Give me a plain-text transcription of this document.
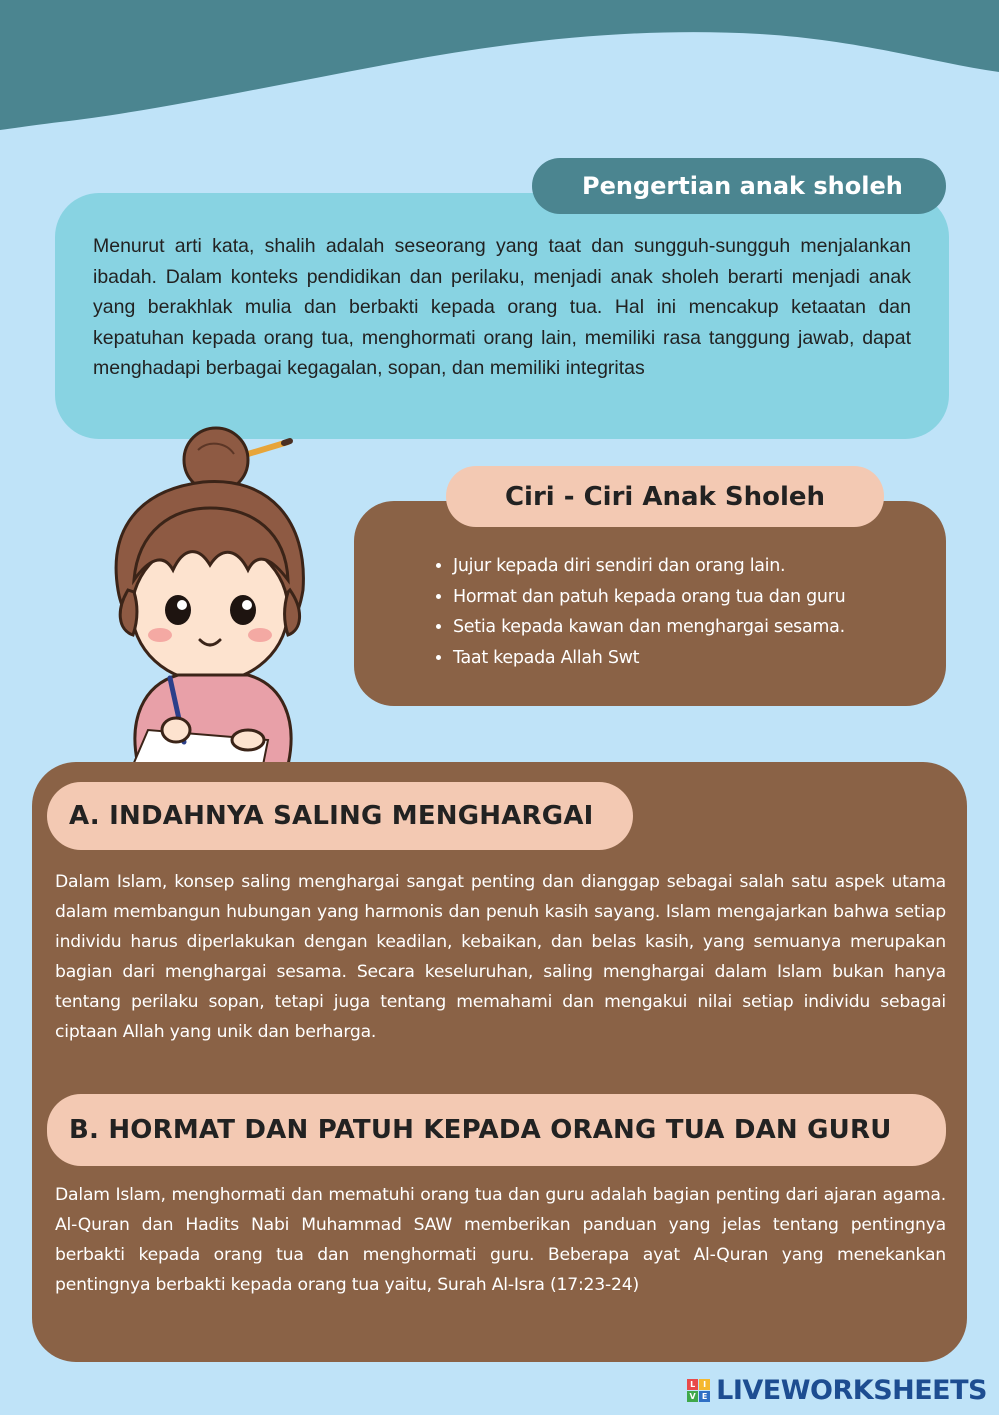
Menurut arti kata, shalih adalah seseorang yang taat dan sungguh-sungguh menjalankan ibadah. Dalam konteks pendidikan dan perilaku, menjadi anak sholeh berarti menjadi anak yang berakhlak mulia dan berbakti kepada orang tua. Hal ini mencakup ketaatan dan kepatuhan kepada orang tua, menghormati orang lain, memiliki rasa tanggung jawab, dapat menghadapi berbagai kegagalan, sopan, dan memiliki integritas

Pengertian anak sholeh
• Jujur kepada diri sendiri dan orang lain.
• Hormat dan patuh kepada orang tua dan guru
• Setia kepada kawan dan menghargai sesama.
• Taat kepada Allah Swt
Ciri - Ciri Anak Sholeh
A. INDAHNYA SALING MENGHARGAI

Dalam Islam, konsep saling menghargai sangat penting dan dianggap sebagai salah satu aspek utama dalam membangun hubungan yang harmonis dan penuh kasih sayang. Islam mengajarkan bahwa setiap individu harus diperlakukan dengan keadilan, kebaikan, dan belas kasih, yang semuanya merupakan bagian dari menghargai sesama. Secara keseluruhan, saling menghargai dalam Islam bukan hanya tentang perilaku sopan, tetapi juga tentang memahami dan mengakui nilai setiap individu sebagai ciptaan Allah yang unik dan berharga.

B. HORMAT DAN PATUH KEPADA ORANG TUA DAN GURU

Dalam Islam, menghormati dan mematuhi orang tua dan guru adalah bagian penting dari ajaran agama. Al-Quran dan Hadits Nabi Muhammad SAW memberikan panduan yang jelas tentang pentingnya berbakti kepada orang tua dan menghormati guru. Beberapa ayat Al-Quran yang menekankan pentingnya berbakti kepada orang tua yaitu, Surah Al-Isra (17:23-24)

L I
V E LIVEWORKSHEETS
